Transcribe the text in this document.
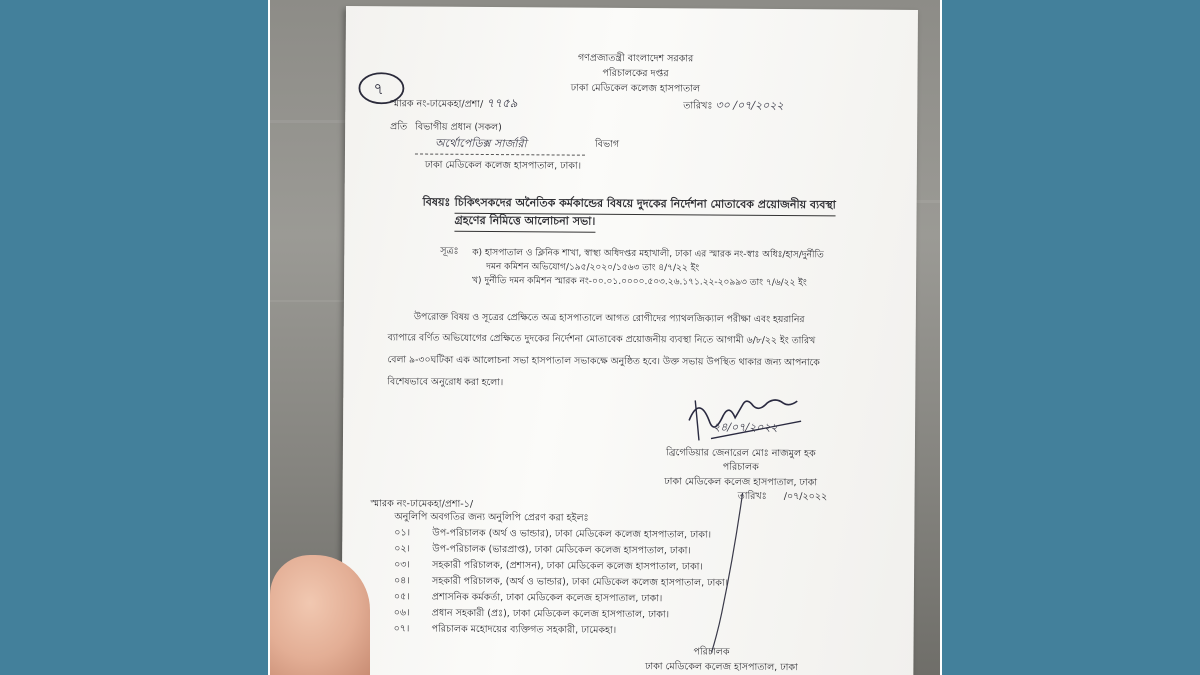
গণপ্রজাতন্ত্রী বাংলাদেশ সরকার
পরিচালকের দপ্তর
ঢাকা মেডিকেল কলেজ হাসপাতাল
৭
স্মারক নং-ঢামেকহা/প্রশা/ ৭৭৫৯	তারিখঃ ৩০ /০৭/২০২২
প্রতি বিভাগীয় প্রধান (সকল)
অর্থোপেডিক্স সার্জারী	বিভাগ
ঢাকা মেডিকেল কলেজ হাসপাতাল, ঢাকা।
বিষয়ঃ চিকিৎসকদের অনৈতিক কর্মকান্ডের বিষয়ে দুদকের নির্দেশনা মোতাবেক প্রয়োজনীয় ব্যবস্থা
গ্রহণের নিমিত্তে আলোচনা সভা।
সূত্রঃ ক) হাসপাতাল ও ক্লিনিক শাখা, স্বাস্থ্য অধিদপ্তর মহাখালী, ঢাকা এর স্মারক নং-স্বাঃ অধিঃ/হাস/দুর্নীতি
দমন কমিশন অভিযোগ/১৯৫/২০২০/১৫৬৩ তাং ৪/৭/২২ ইং
খ) দুর্নীতি দমন কমিশন স্মারক নং-০০.০১.০০০০.৫০৩.২৬.১৭১.২২-২০৯৯৩ তাং ৭/৬/২২ ইং
উপরোক্ত বিষয় ও সূত্রের প্রেক্ষিতে অত্র হাসপাতালে আগত রোগীদের প্যাথলজিক্যাল পরীক্ষা এবং হয়রানির
ব্যাপারে বর্ণিত অভিযোগের প্রেক্ষিতে দুদকের নির্দেশনা মোতাবেক প্রয়োজনীয় ব্যবস্থা নিতে আগামী ৬/৮/২২ ইং তারিখ
বেলা ৯-৩০ঘটিকা এক আলোচনা সভা হাসপাতাল সভাকক্ষে অনুষ্ঠিত হবে। উক্ত সভায় উপস্থিত থাকার জন্য আপনাকে
বিশেষভাবে অনুরোধ করা হলো।
২৪/০৭/২০২২
ব্রিগেডিয়ার জেনারেল মোঃ নাজমুল হক
পরিচালক
ঢাকা মেডিকেল কলেজ হাসপাতাল, ঢাকা
তারিখঃ /০৭/২০২২
স্মারক নং-ঢামেকহা/প্রশা-১/
অনুলিপি অবগতির জন্য অনুলিপি প্রেরণ করা হইলঃ
০১।	উপ-পরিচালক (অর্থ ও ভান্ডার), ঢাকা মেডিকেল কলেজ হাসপাতাল, ঢাকা।
০২।	উপ-পরিচালক (ভারপ্রাপ্ত), ঢাকা মেডিকেল কলেজ হাসপাতাল, ঢাকা।
০৩।	সহকারী পরিচালক, (প্রশাসন), ঢাকা মেডিকেল কলেজ হাসপাতাল, ঢাকা।
০৪।	সহকারী পরিচালক, (অর্থ ও ভান্ডার), ঢাকা মেডিকেল কলেজ হাসপাতাল, ঢাকা।
০৫।	প্রশাসনিক কর্মকর্তা, ঢাকা মেডিকেল কলেজ হাসপাতাল, ঢাকা।
০৬।	প্রধান সহকারী (প্রঃ), ঢাকা মেডিকেল কলেজ হাসপাতাল, ঢাকা।
০৭।	পরিচালক মহোদয়ের ব্যক্তিগত সহকারী, ঢামেকহা।
পরিচালক
ঢাকা মেডিকেল কলেজ হাসপাতাল, ঢাকা
